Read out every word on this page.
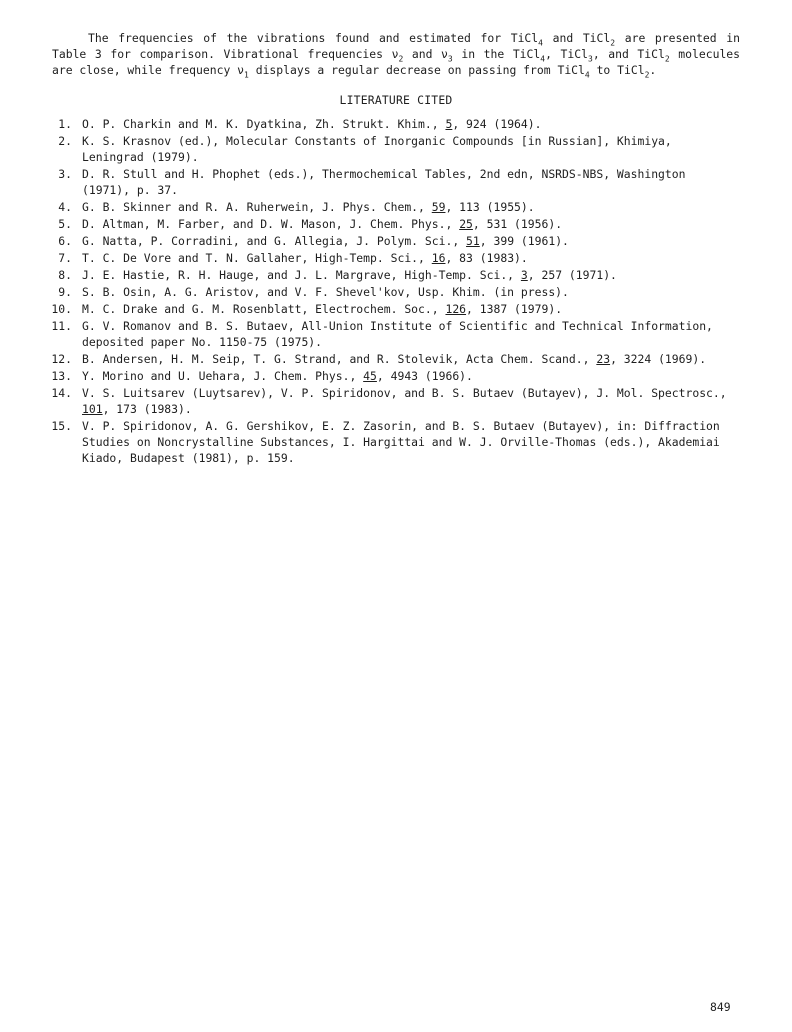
The frequencies of the vibrations found and estimated for TiCl$_4$ and TiCl$_2$ are presented in Table 3 for comparison. Vibrational frequencies $\nu_2$ and $\nu_3$ in the TiCl$_4$, TiCl$_3$, and TiCl$_2$ molecules are close, while frequency $\nu_1$ displays a regular decrease on passing from TiCl$_4$ to TiCl$_2$.

LITERATURE CITED
1. O. P. Charkin and M. K. Dyatkina, Zh. Strukt. Khim., 5, 924 (1964).
2. K. S. Krasnov (ed.), Molecular Constants of Inorganic Compounds [in Russian], Khimiya, Leningrad (1979).
3. D. R. Stull and H. Phophet (eds.), Thermochemical Tables, 2nd edn, NSRDS-NBS, Washington (1971), p. 37.
4. G. B. Skinner and R. A. Ruherwein, J. Phys. Chem., 59, 113 (1955).
5. D. Altman, M. Farber, and D. W. Mason, J. Chem. Phys., 25, 531 (1956).
6. G. Natta, P. Corradini, and G. Allegia, J. Polym. Sci., 51, 399 (1961).
7. T. C. De Vore and T. N. Gallaher, High-Temp. Sci., 16, 83 (1983).
8. J. E. Hastie, R. H. Hauge, and J. L. Margrave, High-Temp. Sci., 3, 257 (1971).
9. S. B. Osin, A. G. Aristov, and V. F. Shevel'kov, Usp. Khim. (in press).
10. M. C. Drake and G. M. Rosenblatt, Electrochem. Soc., 126, 1387 (1979).
11. G. V. Romanov and B. S. Butaev, All-Union Institute of Scientific and Technical Information, deposited paper No. 1150-75 (1975).
12. B. Andersen, H. M. Seip, T. G. Strand, and R. Stolevik, Acta Chem. Scand., 23, 3224 (1969).
13. Y. Morino and U. Uehara, J. Chem. Phys., 45, 4943 (1966).
14. V. S. Luitsarev (Luytsarev), V. P. Spiridonov, and B. S. Butaev (Butayev), J. Mol. Spectrosc., 101, 173 (1983).
15. V. P. Spiridonov, A. G. Gershikov, E. Z. Zasorin, and B. S. Butaev (Butayev), in: Diffraction Studies on Noncrystalline Substances, I. Hargittai and W. J. Orville-Thomas (eds.), Akademiai Kiado, Budapest (1981), p. 159.
849
